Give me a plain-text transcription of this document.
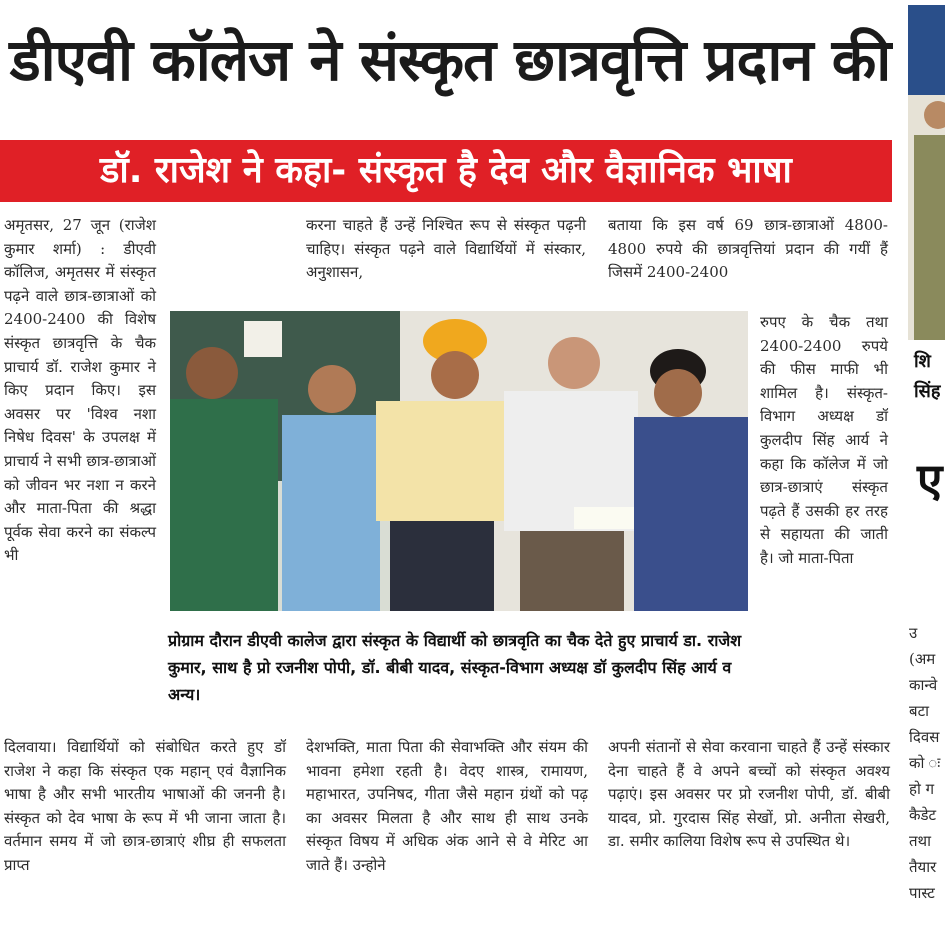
डीएवी कॉलेज ने संस्कृत छात्रवृत्ति प्रदान की
डॉ. राजेश ने कहा- संस्कृत है देव और वैज्ञानिक भाषा

अमृतसर, 27 जून (राजेश कुमार शर्मा) : डीएवी कॉलिज, अमृतसर में संस्कृत पढ़ने वाले छात्र-छात्राओं को 2400-2400 की विशेष संस्कृत छात्रवृत्ति के चैक प्राचार्य डॉ. राजेश कुमार ने किए प्रदान किए। इस अवसर पर 'विश्व नशा निषेध दिवस' के उपलक्ष में प्राचार्य ने सभी छात्र-छात्राओं को जीवन भर नशा न करने और माता-पिता की श्रद्धा पूर्वक सेवा करने का संकल्प भी

करना चाहते हैं उन्हें निश्चित रूप से संस्कृत पढ़नी चाहिए। संस्कृत पढ़ने वाले विद्यार्थियों में संस्कार, अनुशासन,

बताया कि इस वर्ष 69 छात्र-छात्राओं 4800-4800 रुपये की छात्रवृत्तियां प्रदान की गयीं हैं जिसमें 2400-2400

रुपए के चैक तथा 2400-2400 रुपये की फीस माफी भी शामिल है। संस्कृत-विभाग अध्यक्ष डॉ कुलदीप सिंह आर्य ने कहा कि कॉलेज में जो छात्र-छात्राएं संस्कृत पढ़ते हैं उसकी हर तरह से सहायता की जाती है। जो माता-पिता

प्रोग्राम दौरान डीएवी कालेज द्वारा संस्कृत के विद्यार्थी को छात्रवृति का चैक देते हुए प्राचार्य डा. राजेश कुमार, साथ है प्रो रजनीश पोपी, डॉ. बीबी यादव, संस्कृत-विभाग अध्यक्ष डॉ कुलदीप सिंह आर्य व अन्य।

दिलवाया। विद्यार्थियों को संबोधित करते हुए डॉ राजेश ने कहा कि संस्कृत एक महान् एवं वैज्ञानिक भाषा है और सभी भारतीय भाषाओं की जननी है। संस्कृत को देव भाषा के रूप में भी जाना जाता है। वर्तमान समय में जो छात्र-छात्राएं शीघ्र ही सफलता प्राप्त

देशभक्ति, माता पिता की सेवाभक्ति और संयम की भावना हमेशा रहती है। वेदए शास्त्र, रामायण, महाभारत, उपनिषद, गीता जैसे महान ग्रंथों को पढ़ का अवसर मिलता है और साथ ही साथ उनके संस्कृत विषय में अधिक अंक आने से वे मेरिट आ जाते हैं। उन्होने

अपनी संतानों से सेवा करवाना चाहते हैं उन्हें संस्कार देना चाहते हैं वे अपने बच्चों को संस्कृत अवश्य पढ़ाएं। इस अवसर पर प्रो रजनीश पोपी, डॉ. बीबी यादव, प्रो. गुरदास सिंह सेखों, प्रो. अनीता सेखरी, डा. समीर कालिया विशेष रूप से उपस्थित थे।

शि
सिंह
ए
उ
(अम
कान्वे
बटा
दिवस
को ः
हो ग
कैडेट
तथा
तैयार
पास्ट
